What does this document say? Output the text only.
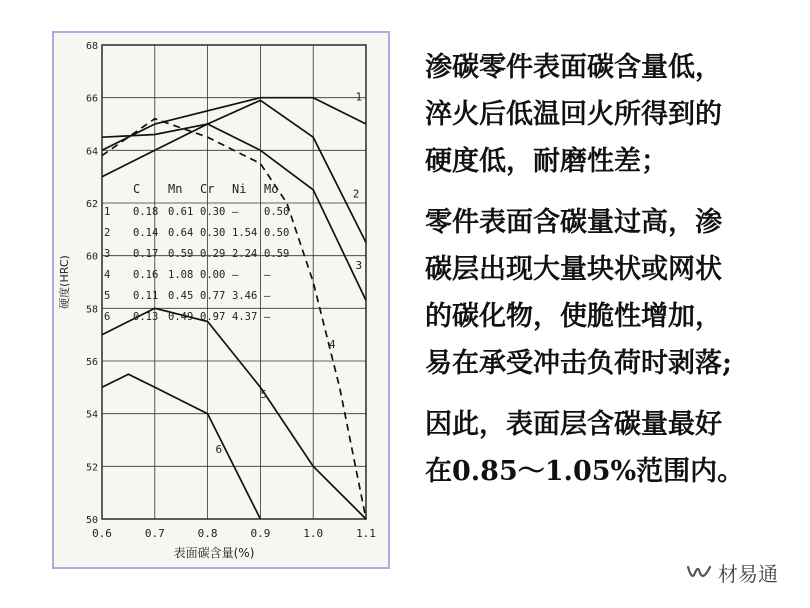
50
52
54
56
58
60
62
64
66
68
0.6	0.7	0.8	0.9	1.0	1.1
表面碳含量(%)
硬度(HRC)
1
2
3
4
5
6
C Mn Cr Ni Mo
1 0.18 0.61 0.30 — 0.50
2 0.14 0.64 0.30 1.54 0.50
3 0.17 0.59 0.29 2.24 0.59
4 0.16 1.08 0.00 — —
5 0.11 0.45 0.77 3.46 —
6 0.13 0.49 0.97 4.37 —

渗碳零件表面碳含量低，
淬火后低温回火所得到的
硬度低，耐磨性差；

零件表面含碳量过高，渗
碳层出现大量块状或网状
的碳化物，使脆性增加，
易在承受冲击负荷时剥落;

因此，表面层含碳量最好
在0.85～1.05%范围内。

材易通
